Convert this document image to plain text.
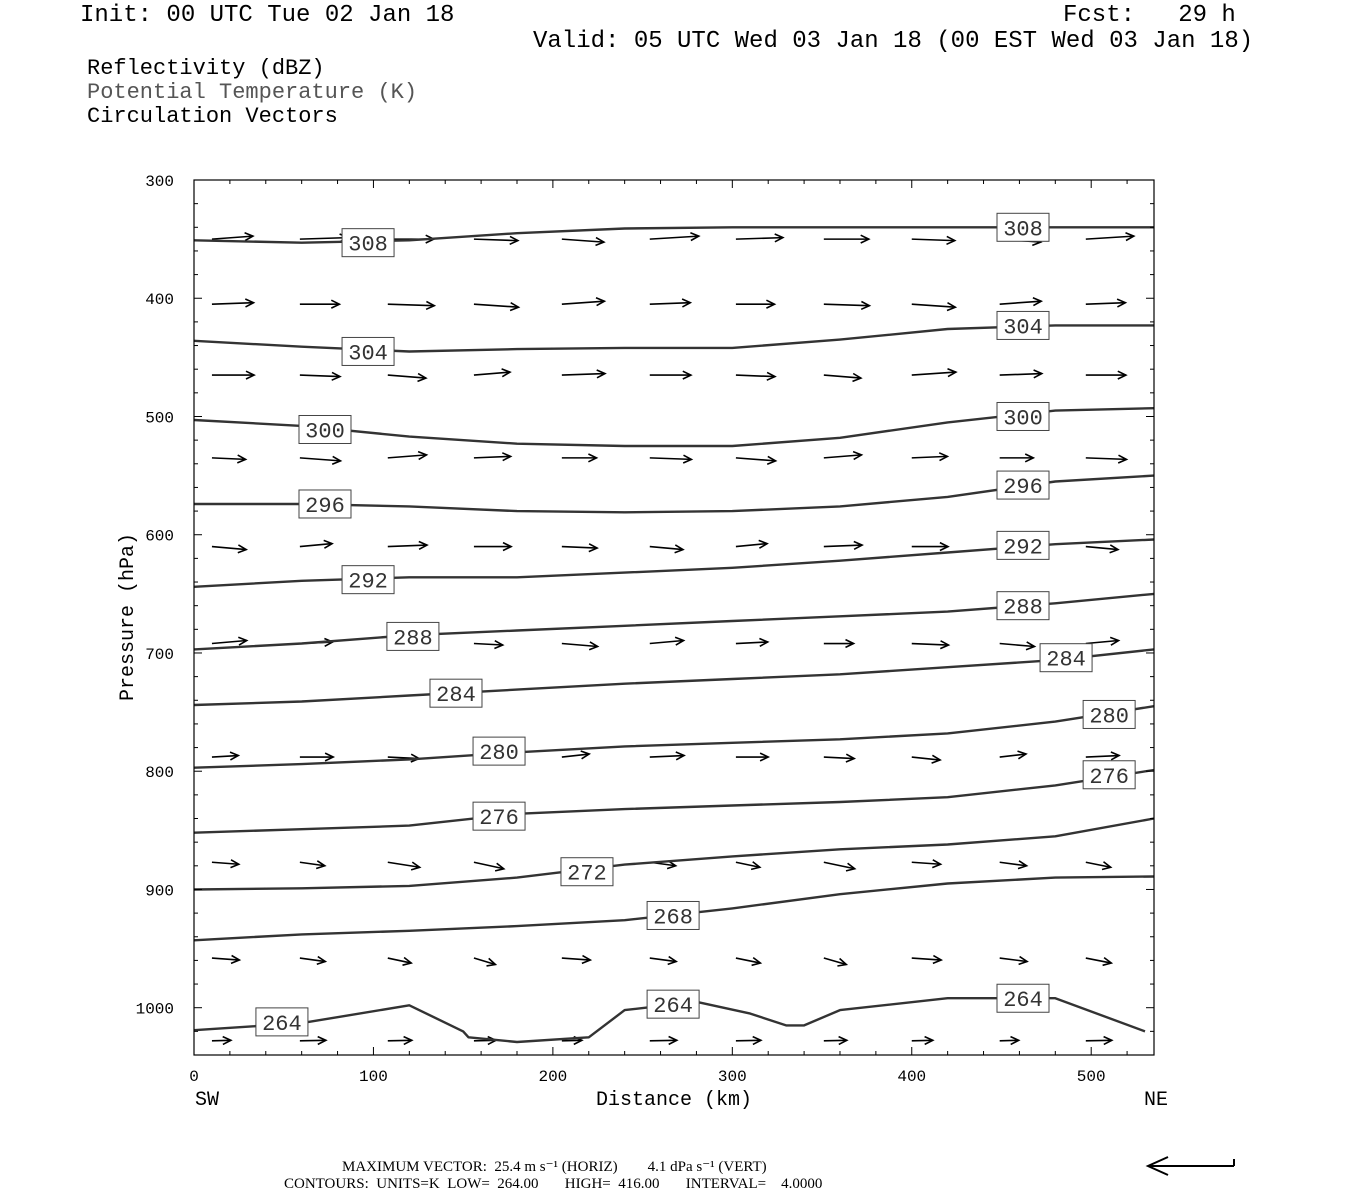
Init: 00 UTC Tue 02 Jan 18	Fcst:   29 h
Valid: 05 UTC Wed 03 Jan 18 (00 EST Wed 03 Jan 18)
Reflectivity (dBZ)
Potential Temperature (K)
Circulation Vectors
308
308
304
304
300
300
296
296
292
292
288
288
284
284
280
280
276
276
272
268
264
264	264
0	100	200	300	400	500
300
400
500
600
700
800
900
1000
Distance (km)
Pressure (hPa)
SW	NE
MAXIMUM VECTOR:  25.4 m s⁻¹ (HORIZ)        4.1 dPa s⁻¹ (VERT)
CONTOURS:  UNITS=K  LOW=  264.00       HIGH=  416.00       INTERVAL=    4.0000
